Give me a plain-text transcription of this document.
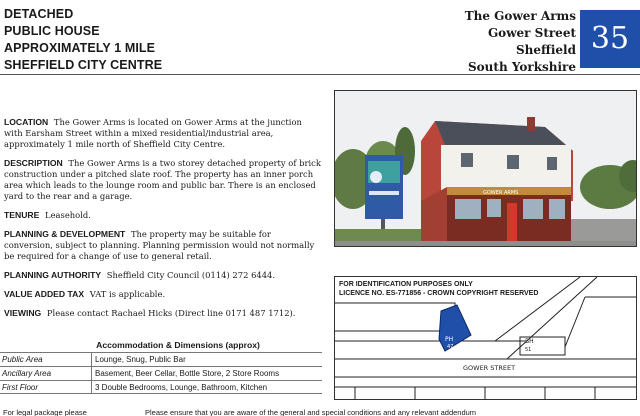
DETACHED
PUBLIC HOUSE
APPROXIMATELY 1 MILE
SHEFFIELD CITY CENTRE
The Gower Arms
Gower Street
Sheffield
South Yorkshire
35
LOCATION The Gower Arms is located on Gower Arms at the junction with Earsham Street within a mixed residential/industrial area, approximately 1 mile north of Sheffield City Centre.
DESCRIPTION The Gower Arms is a two storey detached property of brick construction under a pitched slate roof. The property has an inner porch area which leads to the lounge room and public bar. There is an enclosed yard to the rear and a garage.
TENURE Leasehold.
PLANNING & DEVELOPMENT The property may be suitable for conversion, subject to planning. Planning permission would not normally be required for a change of use to general retail.
PLANNING AUTHORITY Sheffield City Council (0114) 272 6444.
VALUE ADDED TAX VAT is applicable.
VIEWING Please contact Rachael Hicks (Direct line 0171 487 1712).
Accommodation & Dimensions (approx)
Public Area	Lounge, Snug, Public Bar
Ancillary Area	Basement, Beer Cellar, Bottle Store, 2 Store Rooms
First Floor	3 Double Bedrooms, Lounge, Bathroom, Kitchen
GOWER ARMS
PH
47
BH
51
GOWER STREET
FOR IDENTIFICATION PURPOSES ONLY
LICENCE NO. ES-771856 - CROWN COPYRIGHT RESERVED
For legal package please	Please ensure that you are aware of the general and special conditions and any relevant addendum
